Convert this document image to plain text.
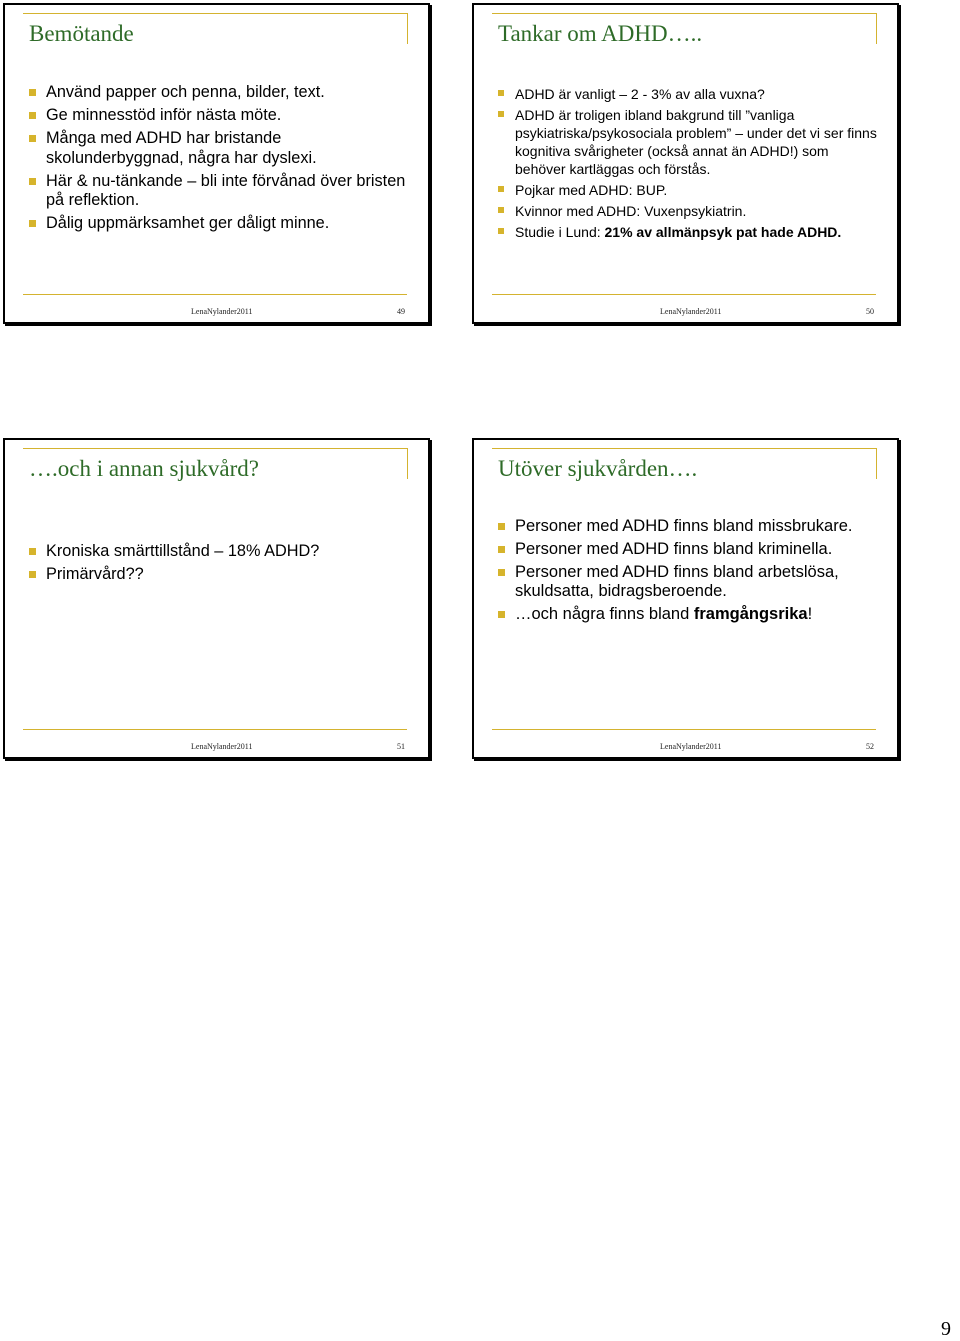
Bemötande
Använd papper och penna, bilder, text.
Ge minnesstöd inför nästa möte.
Många med ADHD har bristande skolunderbyggnad, några har dyslexi.
Här & nu-tänkande – bli inte förvånad över bristen på reflektion.
Dålig uppmärksamhet ger dåligt minne.
LenaNylander2011	49
Tankar om ADHD…..
ADHD är vanligt – 2 - 3% av alla vuxna?
ADHD är troligen ibland bakgrund till ”vanliga psykiatriska/psykosociala problem” – under det vi ser finns kognitiva svårigheter (också annat än ADHD!) som behöver kartläggas och förstås.
Pojkar med ADHD: BUP.
Kvinnor med ADHD: Vuxenpsykiatrin.
Studie i Lund: 21% av allmänpsyk pat hade ADHD.
LenaNylander2011	50
….och i annan sjukvård?
Kroniska smärttillstånd – 18% ADHD?
Primärvård??
LenaNylander2011	51
Utöver sjukvården….
Personer med ADHD finns bland missbrukare.
Personer med ADHD finns bland kriminella.
Personer med ADHD finns bland arbetslösa, skuldsatta, bidragsberoende.
…och några finns bland framgångsrika!
LenaNylander2011	52
9
